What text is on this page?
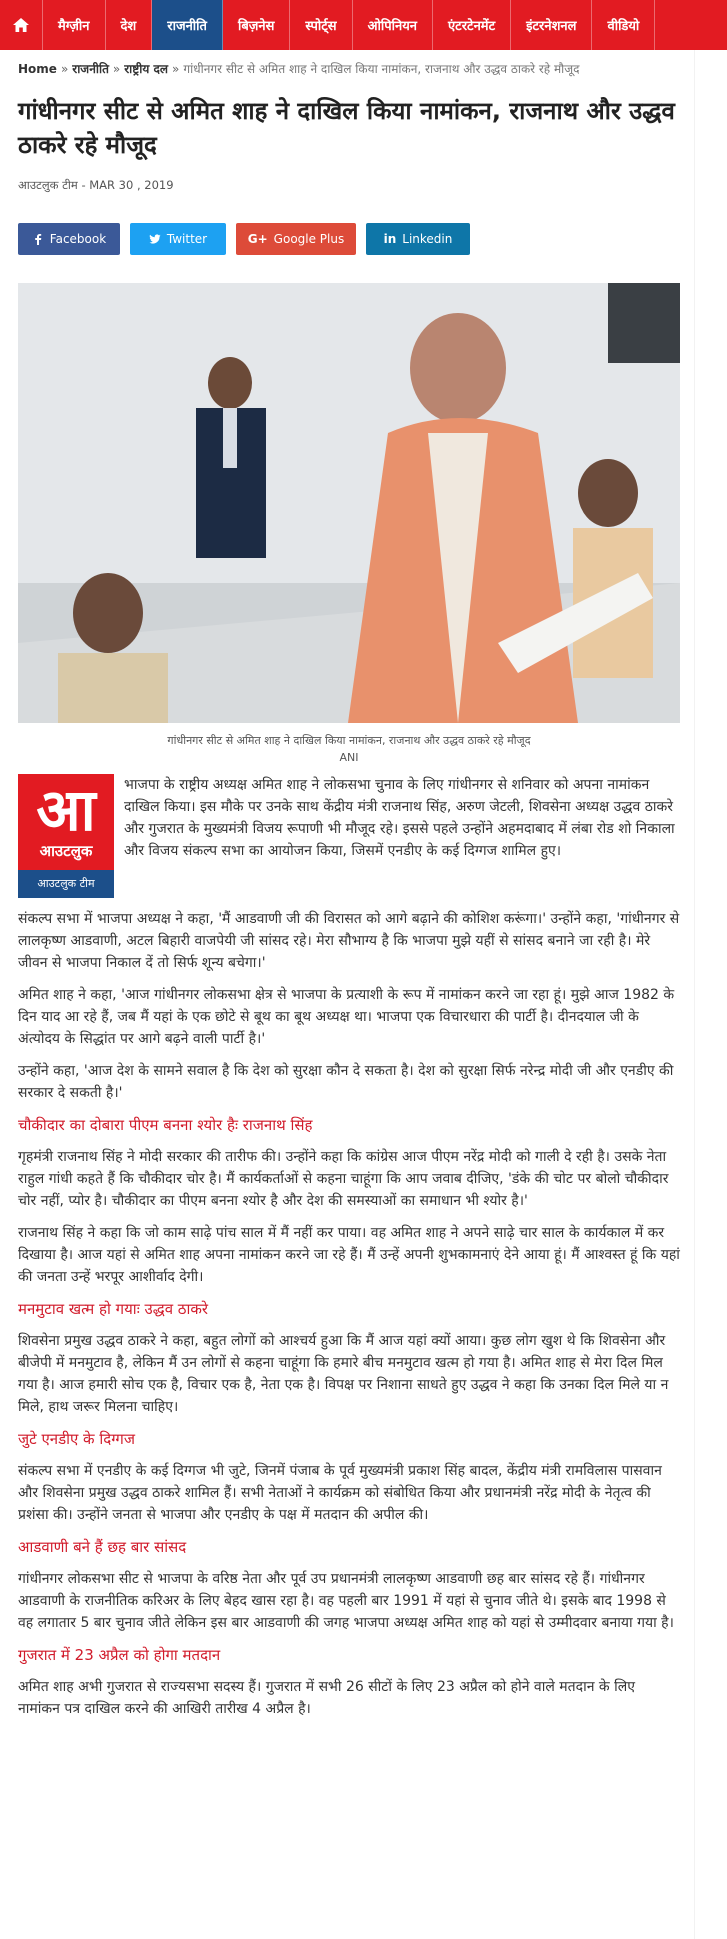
मैग्ज़ीन	देश	राजनीति	बिज़नेस	स्पोर्ट्स	ओपिनियन	एंटरटेनमेंट	इंटरनेशनल	वीडियो
Home » राजनीति » राष्ट्रीय दल » गांधीनगर सीट से अमित शाह ने दाखिल किया नामांकन, राजनाथ और उद्धव ठाकरे रहे मौजूद
गांधीनगर सीट से अमित शाह ने दाखिल किया नामांकन, राजनाथ और उद्धव ठाकरे रहे मौजूद
आउटलुक टीम - MAR 30 , 2019
Facebook	Twitter	G+ Google Plus	in Linkedin
गांधीनगर सीट से अमित शाह ने दाखिल किया नामांकन, राजनाथ और उद्धव ठाकरे रहे मौजूद
ANI
आ
आउटलुक
आउटलुक टीम

भाजपा के राष्ट्रीय अध्यक्ष अमित शाह ने लोकसभा चुनाव के लिए गांधीनगर से शनिवार को अपना नामांकन दाखिल किया। इस मौके पर उनके साथ केंद्रीय मंत्री राजनाथ सिंह, अरुण जेटली, शिवसेना अध्यक्ष उद्धव ठाकरे और गुजरात के मुख्यमंत्री विजय रूपाणी भी मौजूद रहे। इससे पहले उन्होंने अहमदाबाद में लंबा रोड शो निकाला और विजय संकल्प सभा का आयोजन किया, जिसमें एनडीए के कई दिग्गज शामिल हुए।

संकल्प सभा में भाजपा अध्यक्ष ने कहा, 'मैं आडवाणी जी की विरासत को आगे बढ़ाने की कोशिश करूंगा।' उन्होंने कहा, 'गांधीनगर से लालकृष्ण आडवाणी, अटल बिहारी वाजपेयी जी सांसद रहे। मेरा सौभाग्य है कि भाजपा मुझे यहीं से सांसद बनाने जा रही है। मेरे जीवन से भाजपा निकाल दें तो सिर्फ शून्य बचेगा।'

अमित शाह ने कहा, 'आज गांधीनगर लोकसभा क्षेत्र से भाजपा के प्रत्याशी के रूप में नामांकन करने जा रहा हूं। मुझे आज 1982 के दिन याद आ रहे हैं, जब मैं यहां के एक छोटे से बूथ का बूथ अध्यक्ष था। भाजपा एक विचारधारा की पार्टी है। दीनदयाल जी के अंत्योदय के सिद्धांत पर आगे बढ़ने वाली पार्टी है।'

उन्होंने कहा, 'आज देश के सामने सवाल है कि देश को सुरक्षा कौन दे सकता है। देश को सुरक्षा सिर्फ नरेन्द्र मोदी जी और एनडीए की सरकार दे सकती है।'

चौकीदार का दोबारा पीएम बनना श्योर हैः राजनाथ सिंह

गृहमंत्री राजनाथ सिंह ने मोदी सरकार की तारीफ की। उन्होंने कहा कि कांग्रेस आज पीएम नरेंद्र मोदी को गाली दे रही है। उसके नेता राहुल गांधी कहते हैं कि चौकीदार चोर है। मैं कार्यकर्ताओं से कहना चाहूंगा कि आप जवाब दीजिए, 'डंके की चोट पर बोलो चौकीदार चोर नहीं, प्योर है। चौकीदार का पीएम बनना श्योर है और देश की समस्याओं का समाधान भी श्योर है।'

राजनाथ सिंह ने कहा कि जो काम साढ़े पांच साल में मैं नहीं कर पाया। वह अमित शाह ने अपने साढ़े चार साल के कार्यकाल में कर दिखाया है। आज यहां से अमित शाह अपना नामांकन करने जा रहे हैं। मैं उन्हें अपनी शुभकामनाएं देने आया हूं। मैं आश्वस्त हूं कि यहां की जनता उन्हें भरपूर आशीर्वाद देगी।

मनमुटाव खत्म हो गयाः उद्धव ठाकरे

शिवसेना प्रमुख उद्धव ठाकरे ने कहा, बहुत लोगों को आश्चर्य हुआ कि मैं आज यहां क्यों आया। कुछ लोग खुश थे कि शिवसेना और बीजेपी में मनमुटाव है, लेकिन मैं उन लोगों से कहना चाहूंगा कि हमारे बीच मनमुटाव खत्म हो गया है। अमित शाह से मेरा दिल मिल गया है। आज हमारी सोच एक है, विचार एक है, नेता एक है। विपक्ष पर निशाना साधते हुए उद्धव ने कहा कि उनका दिल मिले या न मिले, हाथ जरूर मिलना चाहिए।

जुटे एनडीए के दिग्गज

संकल्प सभा में एनडीए के कई दिग्गज भी जुटे, जिनमें पंजाब के पूर्व मुख्यमंत्री प्रकाश सिंह बादल, केंद्रीय मंत्री रामविलास पासवान और शिवसेना प्रमुख उद्धव ठाकरे शामिल हैं। सभी नेताओं ने कार्यक्रम को संबोधित किया और प्रधानमंत्री नरेंद्र मोदी के नेतृत्व की प्रशंसा की। उन्होंने जनता से भाजपा और एनडीए के पक्ष में मतदान की अपील की।

आडवाणी बने हैं छह बार सांसद

गांधीनगर लोकसभा सीट से भाजपा के वरिष्ठ नेता और पूर्व उप प्रधानमंत्री लालकृष्ण आडवाणी छह बार सांसद रहे हैं। गांधीनगर आडवाणी के राजनीतिक करिअर के लिए बेहद खास रहा है। वह पहली बार 1991 में यहां से चुनाव जीते थे। इसके बाद 1998 से वह लगातार 5 बार चुनाव जीते लेकिन इस बार आडवाणी की जगह भाजपा अध्यक्ष अमित शाह को यहां से उम्मीदवार बनाया गया है।

गुजरात में 23 अप्रैल को होगा मतदान

अमित शाह अभी गुजरात से राज्यसभा सदस्य हैं। गुजरात में सभी 26 सीटों के लिए 23 अप्रैल को होने वाले मतदान के लिए नामांकन पत्र दाखिल करने की आखिरी तारीख 4 अप्रैल है।
